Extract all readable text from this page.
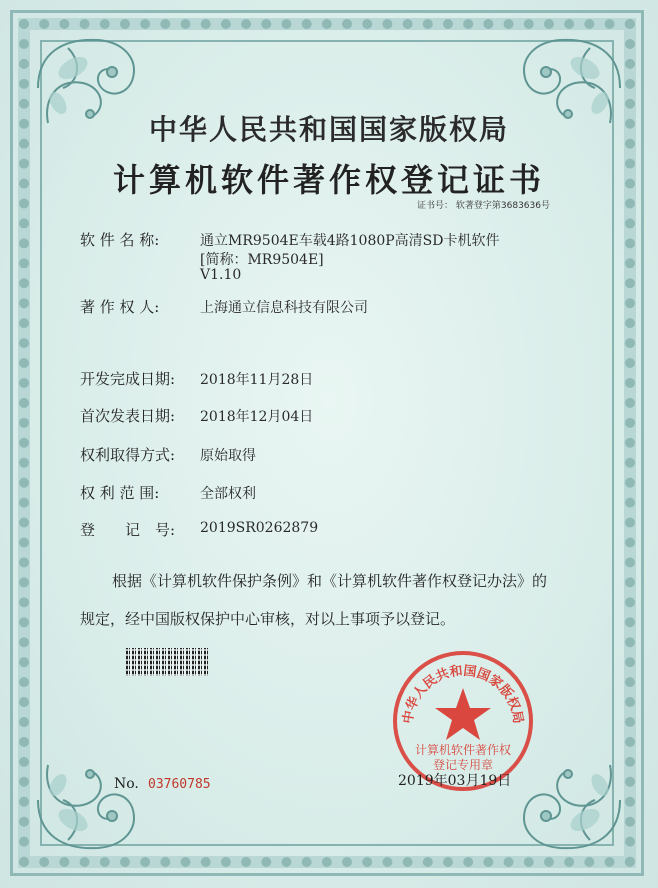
中华人民共和国国家版权局
计算机软件著作权登记证书
证书号： 软著登字第3683636号
软 件 名 称:	通立MR9504E车载4路1080P高清SD卡机软件
[简称：MR9504E]
V1.10
著 作 权 人:	上海通立信息科技有限公司
开发完成日期: 2018年11月28日
首次发表日期: 2018年12月04日
权利取得方式: 原始取得
权 利 范 围:	全部权利
登　　记　号: 2019SR0262879
根据《计算机软件保护条例》和《计算机软件著作权登记办法》的
规定，经中国版权保护中心审核，对以上事项予以登记。
中华人民共和国国家版权局
计算机软件著作权
登记专用章
No. 03760785	2019年03月19日
